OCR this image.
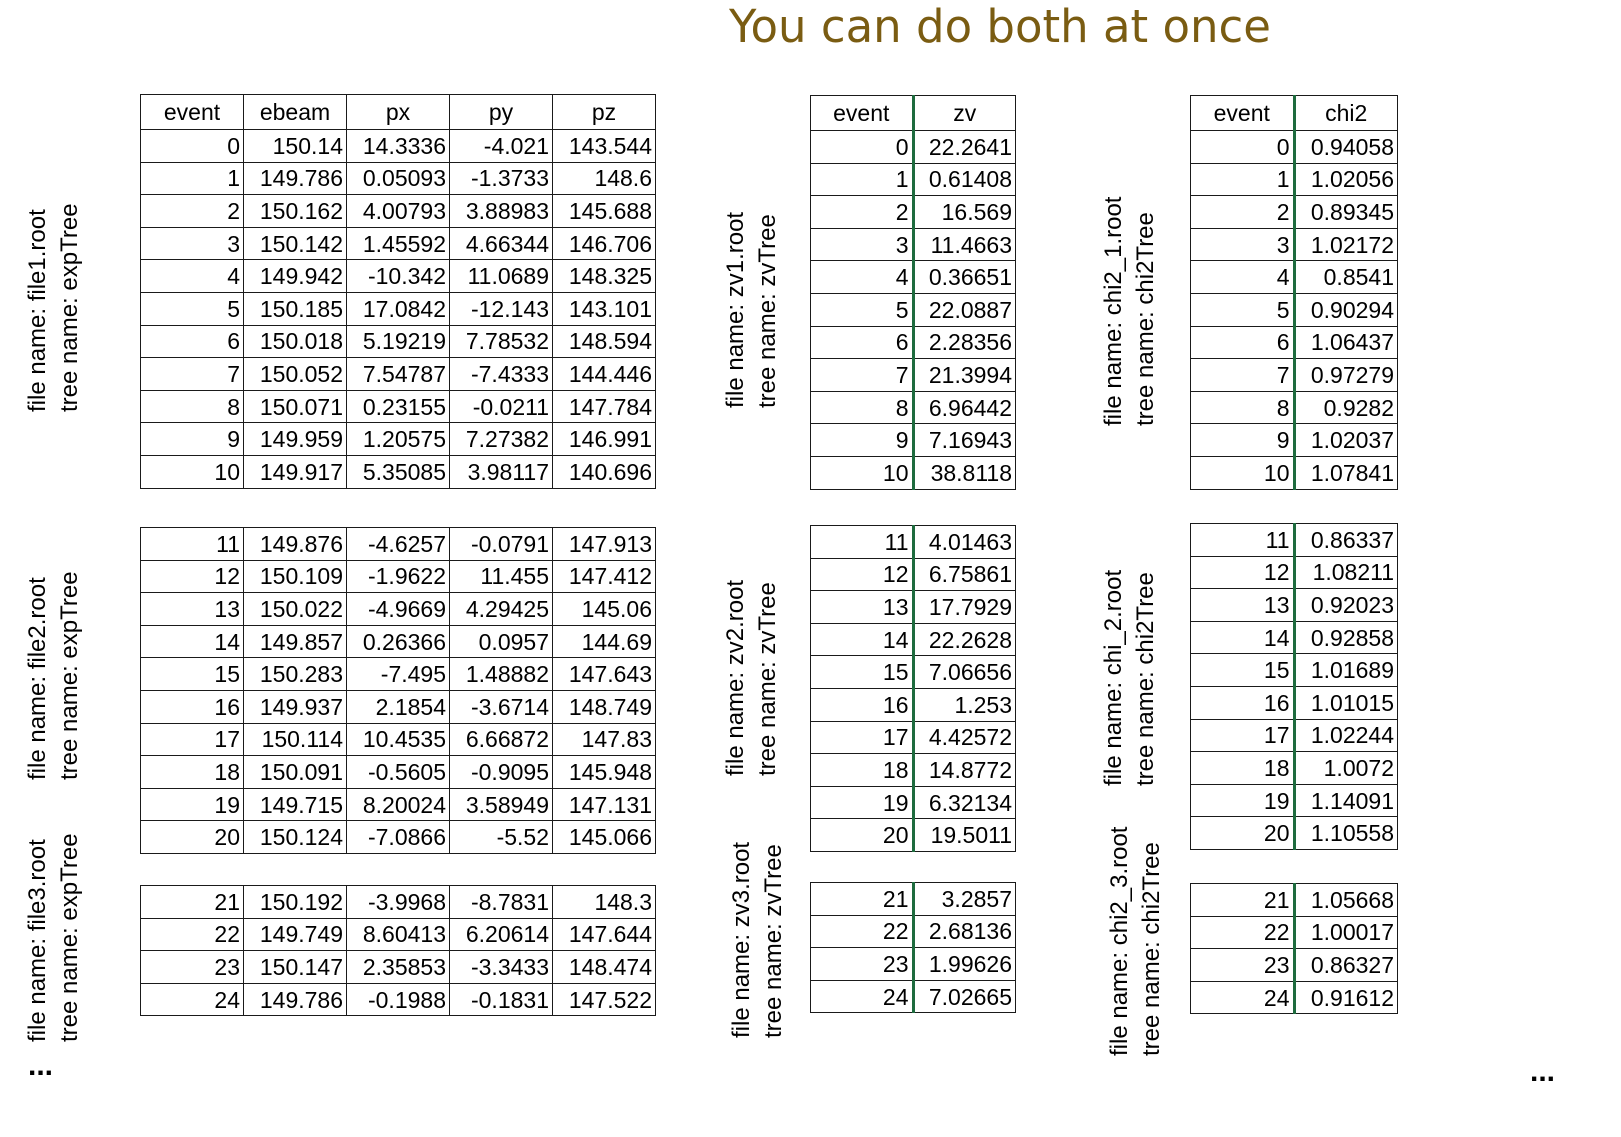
You can do both at once
file name: file1.root tree name: expTree
file name: file2.root tree name: expTree
file name: file3.root tree name: expTree
event	ebeam	px	py	pz
0	150.14	14.3336	-4.021	143.544
1	149.786	0.05093	-1.3733	148.6
2	150.162	4.00793	3.88983	145.688
3	150.142	1.45592	4.66344	146.706
4	149.942	-10.342	11.0689	148.325
5	150.185	17.0842	-12.143	143.101
6	150.018	5.19219	7.78532	148.594
7	150.052	7.54787	-7.4333	144.446
8	150.071	0.23155	-0.0211	147.784
9	149.959	1.20575	7.27382	146.991
10	149.917	5.35085	3.98117	140.696
11	149.876	-4.6257	-0.0791	147.913
12	150.109	-1.9622	11.455	147.412
13	150.022	-4.9669	4.29425	145.06
14	149.857	0.26366	0.0957	144.69
15	150.283	-7.495	1.48882	147.643
16	149.937	2.1854	-3.6714	148.749
17	150.114	10.4535	6.66872	147.83
18	150.091	-0.5605	-0.9095	145.948
19	149.715	8.20024	3.58949	147.131
20	150.124	-7.0866	-5.52	145.066
21	150.192	-3.9968	-8.7831	148.3
22	149.749	8.60413	6.20614	147.644
23	150.147	2.35853	-3.3433	148.474
24	149.786	-0.1988	-0.1831	147.522
file name: zv1.root tree name: zvTree
file name: zv2.root tree name: zvTree
file name: zv3.root tree name: zvTree
event	zv
0	22.2641
1	0.61408
2	16.569
3	11.4663
4	0.36651
5	22.0887
6	2.28356
7	21.3994
8	6.96442
9	7.16943
10	38.8118
11	4.01463
12	6.75861
13	17.7929
14	22.2628
15	7.06656
16	1.253
17	4.42572
18	14.8772
19	6.32134
20	19.5011
21	3.2857
22	2.68136
23	1.99626
24	7.02665
file name: chi2_1.root tree name: chi2Tree
file name: chi_2.root tree name: chi2Tree
file name: chi2_3.root tree name: chi2Tree
event	chi2
0	0.94058
1	1.02056
2	0.89345
3	1.02172
4	0.8541
5	0.90294
6	1.06437
7	0.97279
8	0.9282
9	1.02037
10	1.07841
11	0.86337
12	1.08211
13	0.92023
14	0.92858
15	1.01689
16	1.01015
17	1.02244
18	1.0072
19	1.14091
20	1.10558
21	1.05668
22	1.00017
23	0.86327
24	0.91612
...	...
